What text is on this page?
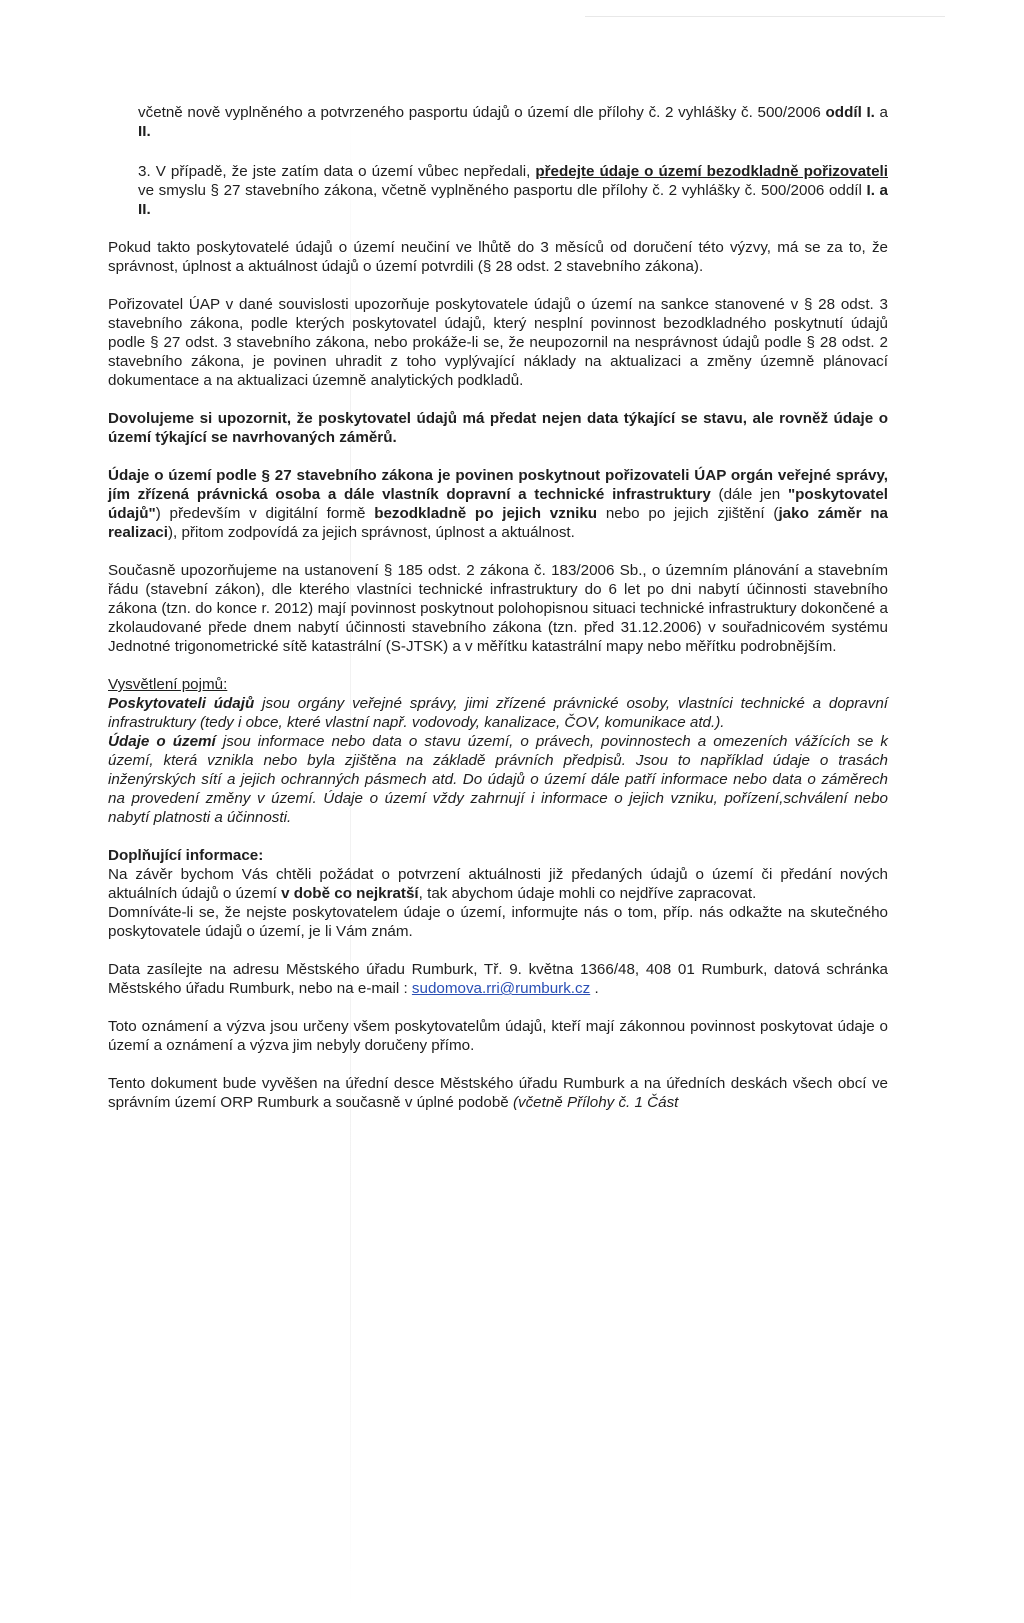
včetně nově vyplněného a potvrzeného pasportu údajů o území dle přílohy č. 2 vyhlášky č. 500/2006 oddíl I. a II.
3. V případě, že jste zatím data o území vůbec nepředali, předejte údaje o území bezodkladně pořizovateli ve smyslu § 27 stavebního zákona, včetně vyplněného pasportu dle přílohy č. 2 vyhlášky č. 500/2006 oddíl I. a II.
Pokud takto poskytovatelé údajů o území neučiní ve lhůtě do 3 měsíců od doručení této výzvy, má se za to, že správnost, úplnost a aktuálnost údajů o území potvrdili (§ 28 odst. 2 stavebního zákona).
Pořizovatel ÚAP v dané souvislosti upozorňuje poskytovatele údajů o území na sankce stanovené v § 28 odst. 3 stavebního zákona, podle kterých poskytovatel údajů, který nesplní povinnost bezodkladného poskytnutí údajů podle § 27 odst. 3 stavebního zákona, nebo prokáže-li se, že neupozornil na nesprávnost údajů podle § 28 odst. 2 stavebního zákona, je povinen uhradit z toho vyplývající náklady na aktualizaci a změny územně plánovací dokumentace a na aktualizaci územně analytických podkladů.
Dovolujeme si upozornit, že poskytovatel údajů má předat nejen data týkající se stavu, ale rovněž údaje o území týkající se navrhovaných záměrů.
Údaje o území podle § 27 stavebního zákona je povinen poskytnout pořizovateli ÚAP orgán veřejné správy, jím zřízená právnická osoba a dále vlastník dopravní a technické infrastruktury (dále jen "poskytovatel údajů") především v digitální formě bezodkladně po jejich vzniku nebo po jejich zjištění (jako záměr na realizaci), přitom zodpovídá za jejich správnost, úplnost a aktuálnost.
Současně upozorňujeme na ustanovení § 185 odst. 2 zákona č. 183/2006 Sb., o územním plánování a stavebním řádu (stavební zákon), dle kterého vlastníci technické infrastruktury do 6 let po dni nabytí účinnosti stavebního zákona (tzn. do konce r. 2012) mají povinnost poskytnout polohopisnou situaci technické infrastruktury dokončené a zkolaudované přede dnem nabytí účinnosti stavebního zákona (tzn. před 31.12.2006) v souřadnicovém systému Jednotné trigonometrické sítě katastrální (S-JTSK) a v měřítku katastrální mapy nebo měřítku podrobnějším.
Vysvětlení pojmů:
Poskytovateli údajů jsou orgány veřejné správy, jimi zřízené právnické osoby, vlastníci technické a dopravní infrastruktury (tedy i obce, které vlastní např. vodovody, kanalizace, ČOV, komunikace atd.).
Údaje o území jsou informace nebo data o stavu území, o právech, povinnostech a omezeních vážících se k území, která vznikla nebo byla zjištěna na základě právních předpisů. Jsou to například údaje o trasách inženýrských sítí a jejich ochranných pásmech atd. Do údajů o území dále patří informace nebo data o záměrech na provedení změny v území. Údaje o území vždy zahrnují i informace o jejich vzniku, pořízení,schválení nebo nabytí platnosti a účinnosti.
Doplňující informace:
Na závěr bychom Vás chtěli požádat o potvrzení aktuálnosti již předaných údajů o území či předání nových aktuálních údajů o území v době co nejkratší, tak abychom údaje mohli co nejdříve zapracovat.
Domníváte-li se, že nejste poskytovatelem údaje o území, informujte nás o tom, příp. nás odkažte na skutečného poskytovatele údajů o území, je li Vám znám.
Data zasílejte na adresu Městského úřadu Rumburk, Tř. 9. května 1366/48, 408 01 Rumburk, datová schránka Městského úřadu Rumburk, nebo na e-mail : sudomova.rri@rumburk.cz .
Toto oznámení a výzva jsou určeny všem poskytovatelům údajů, kteří mají zákonnou povinnost poskytovat údaje o území a oznámení a výzva jim nebyly doručeny přímo.
Tento dokument bude vyvěšen na úřední desce Městského úřadu Rumburk a na úředních deskách všech obcí ve správním území ORP Rumburk a současně v úplné podobě (včetně Přílohy č. 1 Část
